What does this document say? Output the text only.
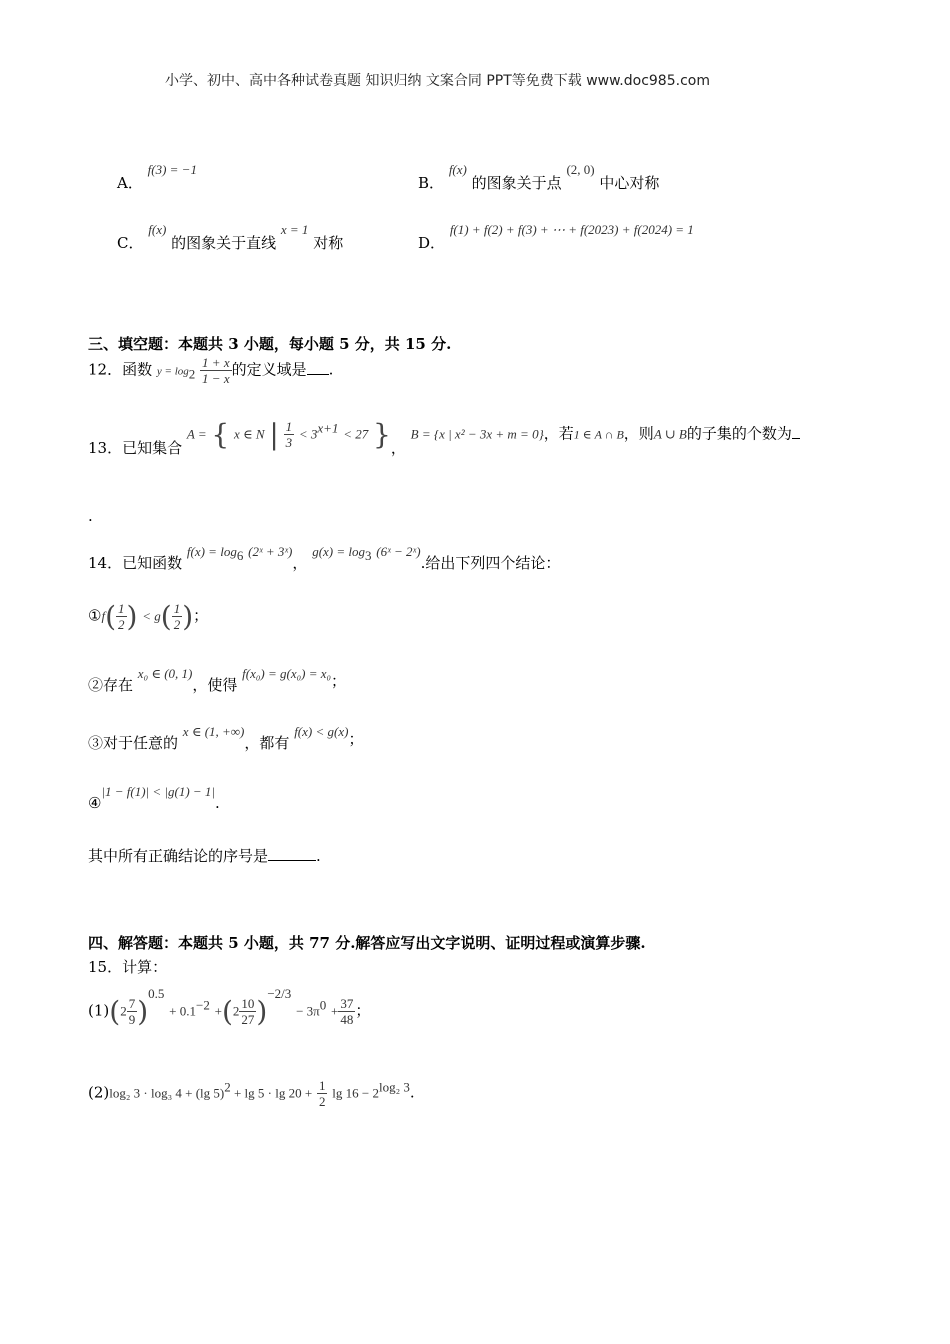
小学、初中、高中各种试卷真题 知识归纳 文案合同 PPT等免费下载 www.doc985.com
A． f(3) = −1
B． f(x) 的图象关于点 (2, 0) 中心对称
C． f(x) 的图象关于直线 x = 1 对称	D． f(1) + f(2) + f(3) + ⋯ + f(2023) + f(2024) = 1
三、填空题：本题共 3 小题，每小题 5 分，共 15 分.
12．函数 $y = \log_2 \frac{1 + x}{1 - x}$ 的定义域是 .
13．已知集合 A = { x ∈ N | $\frac{1}{3} < 3^{x+1} < 27$ }， B = {x | x² − 3x + m = 0}，若1 ∈ A ∩ B，则A ∪ B的子集的个数为
.
14．已知函数 $f(x) = \log_6$ (2ˣ + 3ˣ)， $g(x) = \log_3$ (6ˣ − 2ˣ).给出下列四个结论：
①f( $\frac{1}{2}$ ) < $g( \frac{1}{2}$ )；
②存在 x₀ ∈ (0, 1)，使得 f(x₀) = g(x₀) = x₀；
③对于任意的 x ∈ (1, +∞)，都有 f(x) < g(x)；
④|1 − f(1)| < |g(1) − 1|.
其中所有正确结论的序号是	.
四、解答题：本题共 5 小题，共 77 分.解答应写出文字说明、证明过程或演算步骤.
15．计算：
$(1)(2 \frac{7}{9} )^{0.5} + 0.1^{-2} +(2 \frac{10}{27} )^{-2/3} - 3\pi^0 + \frac{37}{48}$ ；
(2)log₂ 3 · log₃ 4 + (lg $5)^2 + \lg 5 \cdot \lg 20 + \frac{1}{2}$ $\lg 16 - 2^{log_2 3}$.
